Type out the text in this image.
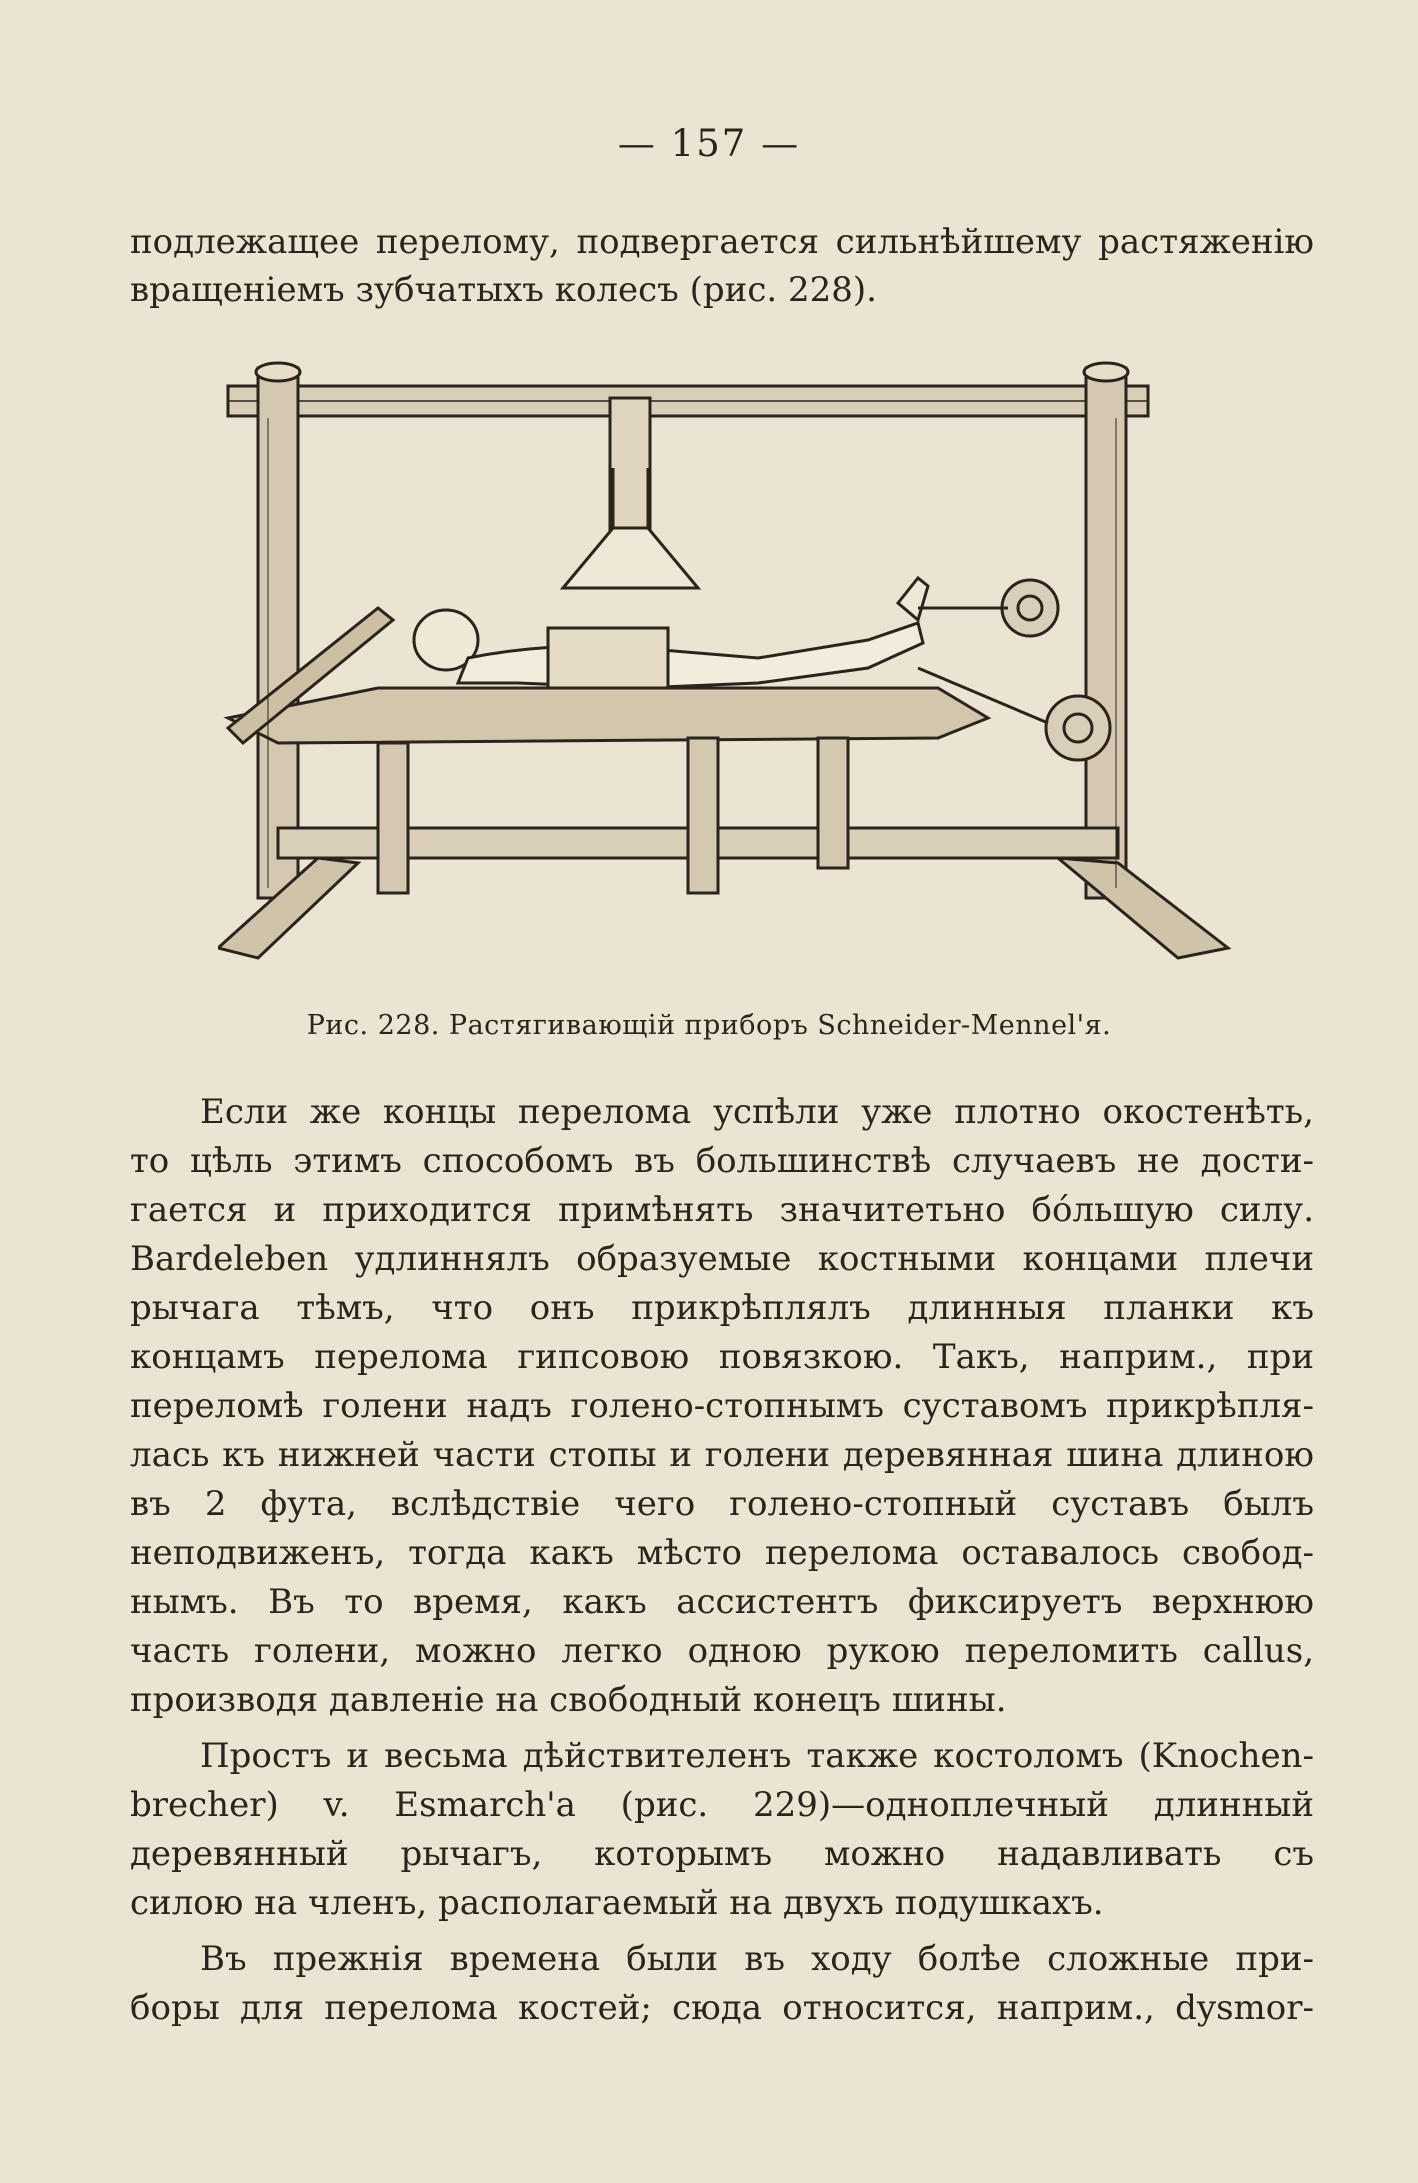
— 157 —
подлежащее перелому, подвергается сильнѣйшему растяженію
вращеніемъ зубчатыхъ колесъ (рис. 228).
Рис. 228. Растягивающій приборъ Schneider-Mennel'я.
Если же концы перелома успѣли уже плотно окостенѣть,
то цѣль этимъ способомъ въ большинствѣ случаевъ не дости-
гается и приходится примѣнять значитетьно бóльшую силу.
Bardeleben удлиннялъ образуемые костными концами плечи
рычага тѣмъ, что онъ прикрѣплялъ длинныя планки къ
концамъ перелома гипсовою повязкою. Такъ, наприм., при
переломѣ голени надъ голено-стопнымъ суставомъ прикрѣпля-
лась къ нижней части стопы и голени деревянная шина длиною
въ 2 фута, вслѣдствіе чего голено-стопный суставъ былъ
неподвиженъ, тогда какъ мѣсто перелома оставалось свобод-
нымъ. Въ то время, какъ ассистентъ фиксируетъ верхнюю
часть голени, можно легко одною рукою переломить callus,
производя давленіе на свободный конецъ шины.
Простъ и весьма дѣйствителенъ также костоломъ (Knochen-
brecher) v. Esmarch'a (рис. 229)—одноплечный длинный
деревянный рычагъ, которымъ можно надавливать съ
силою на членъ, располагаемый на двухъ подушкахъ.
Въ прежнія времена были въ ходу болѣе сложные при-
боры для перелома костей; сюда относится, наприм., dysmor-
